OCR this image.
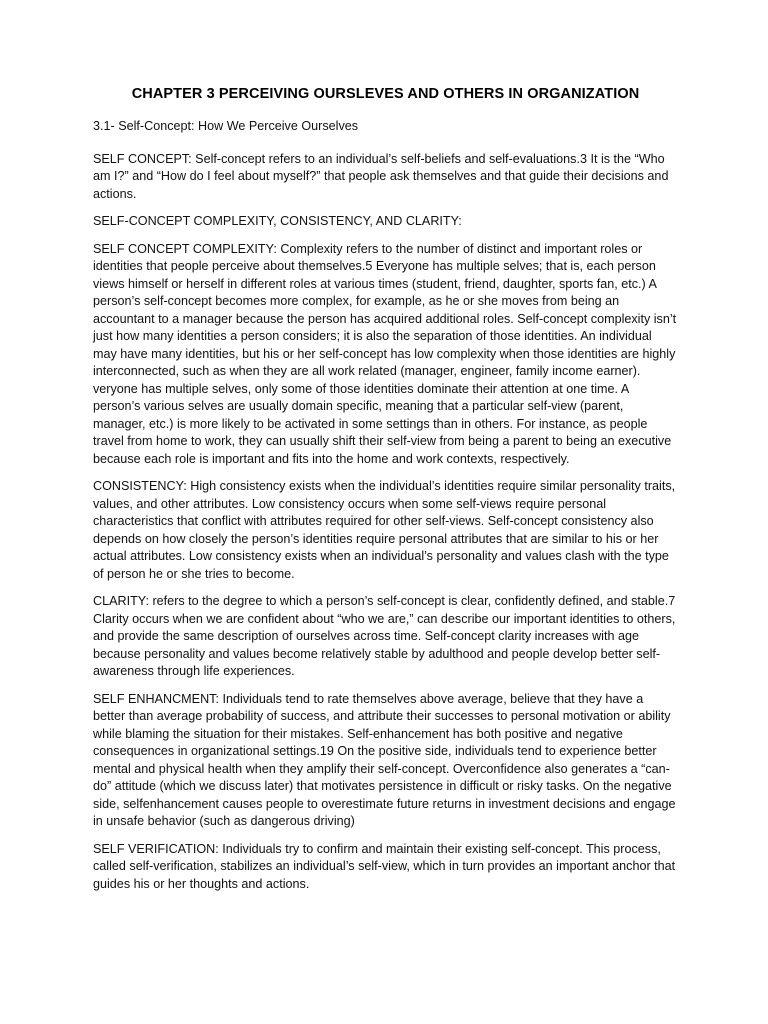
CHAPTER 3 PERCEIVING OURSLEVES AND OTHERS IN ORGANIZATION
3.1- Self-Concept: How We Perceive Ourselves

SELF CONCEPT: Self-concept refers to an individual’s self-beliefs and self-evaluations.3 It is the “Who am I?” and “How do I feel about myself?” that people ask themselves and that guide their decisions and actions.

SELF-CONCEPT COMPLEXITY, CONSISTENCY, AND CLARITY:

SELF CONCEPT COMPLEXITY: Complexity refers to the number of distinct and important roles or identities that people perceive about themselves.5 Everyone has multiple selves; that is, each person views himself or herself in different roles at various times (student, friend, daughter, sports fan, etc.) A person’s self-concept becomes more complex, for example, as he or she moves from being an accountant to a manager because the person has acquired additional roles. Self-concept complexity isn’t just how many identities a person considers; it is also the separation of those identities. An individual may have many identities, but his or her self-concept has low complexity when those identities are highly interconnected, such as when they are all work related (manager, engineer, family income earner). veryone has multiple selves, only some of those identities dominate their attention at one time. A person’s various selves are usually domain specific, meaning that a particular self-view (parent, manager, etc.) is more likely to be activated in some settings than in others. For instance, as people travel from home to work, they can usually shift their self-view from being a parent to being an executive because each role is important and fits into the home and work contexts, respectively.

CONSISTENCY: High consistency exists when the individual’s identities require similar personality traits, values, and other attributes. Low consistency occurs when some self-views require personal characteristics that conflict with attributes required for other self-views. Self-concept consistency also depends on how closely the person’s identities require personal attributes that are similar to his or her actual attributes. Low consistency exists when an individual’s personality and values clash with the type of person he or she tries to become.

CLARITY: refers to the degree to which a person’s self-concept is clear, confidently defined, and stable.7 Clarity occurs when we are confident about “who we are,” can describe our important identities to others, and provide the same description of ourselves across time. Self-concept clarity increases with age because personality and values become relatively stable by adulthood and people develop better self-awareness through life experiences.

SELF ENHANCMENT: Individuals tend to rate themselves above average, believe that they have a better than average probability of success, and attribute their successes to personal motivation or ability while blaming the situation for their mistakes. Self-enhancement has both positive and negative consequences in organizational settings.19 On the positive side, individuals tend to experience better mental and physical health when they amplify their self-concept. Overconfidence also generates a “can-do” attitude (which we discuss later) that motivates persistence in difficult or risky tasks. On the negative side, selfenhancement causes people to overestimate future returns in investment decisions and engage in unsafe behavior (such as dangerous driving)

SELF VERIFICATION: Individuals try to confirm and maintain their existing self-concept. This process, called self-verification, stabilizes an individual’s self-view, which in turn provides an important anchor that guides his or her thoughts and actions.
